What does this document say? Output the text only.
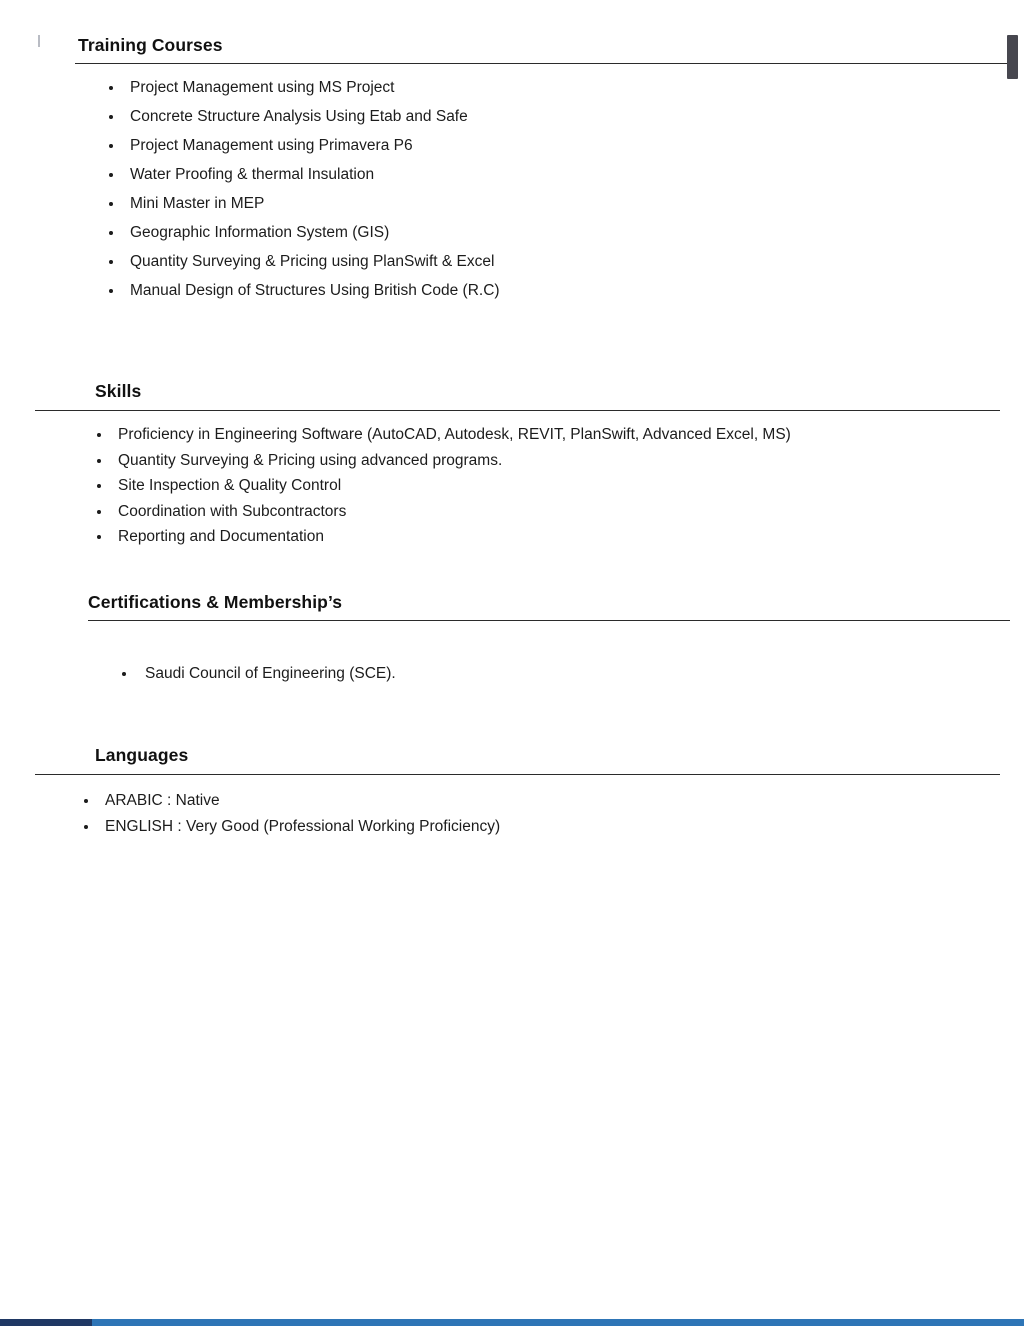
Training Courses
• Project Management using MS Project
• Concrete Structure Analysis Using Etab and Safe
• Project Management using Primavera P6
• Water Proofing & thermal Insulation
• Mini Master in MEP
• Geographic Information System (GIS)
• Quantity Surveying & Pricing using PlanSwift & Excel
• Manual Design of Structures Using British Code (R.C)
Skills
• Proficiency in Engineering Software (AutoCAD, Autodesk, REVIT, PlanSwift, Advanced Excel, MS)
• Quantity Surveying & Pricing using advanced programs.
• Site Inspection & Quality Control
• Coordination with Subcontractors
• Reporting and Documentation
Certifications & Membership’s
• Saudi Council of Engineering (SCE).
Languages
• ARABIC : Native
• ENGLISH : Very Good (Professional Working Proficiency)
